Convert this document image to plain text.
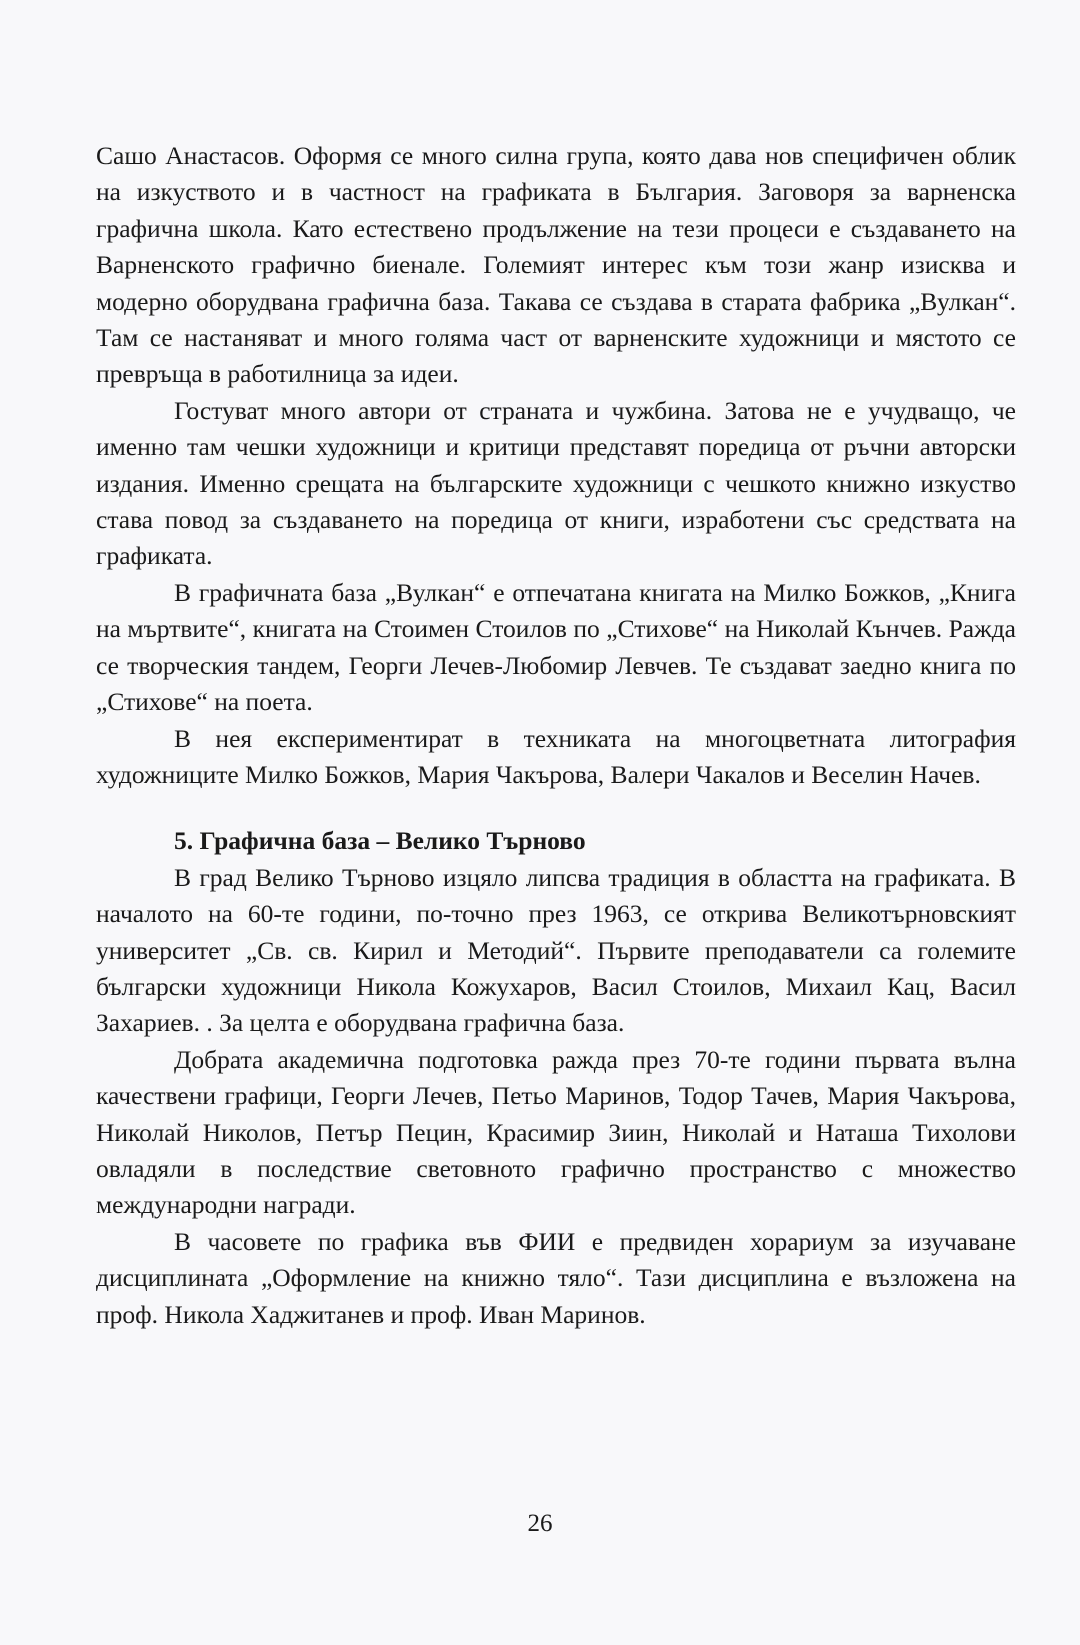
Сашо Анастасов. Оформя се много силна група, която дава нов специфичен облик на изкуството и в частност на графиката в България. Заговоря за варненска графична школа. Като естествено продължение на тези процеси е създаването на Варненското графично биенале. Големият интерес към този жанр изисква и модерно оборудвана графична база. Такава се създава в старата фабрика „Вулкан“. Там се настаняват и много голяма част от варненските художници и мястото се превръща в работилница за идеи.

Гостуват много автори от страната и чужбина. Затова не е учудващо, че именно там чешки художници и критици представят поредица от ръчни авторски издания. Именно срещата на българските художници с чешкото книжно изкуство става повод за създаването на поредица от книги, изработени със средствата на графиката.

В графичната база „Вулкан“ е отпечатана книгата на Милко Божков, „Книга на мъртвите“, книгата на Стоимен Стоилов по „Стихове“ на Николай Кънчев. Ражда се творческия тандем, Георги Лечев-Любомир Левчев. Те създават заедно книга по „Стихове“ на поета.

В нея експериментират в техниката на многоцветната литография художниците Милко Божков, Мария Чакърова, Валери Чакалов и Веселин Начев.

5. Графична база – Велико Търново

В град Велико Търново изцяло липсва традиция в областта на графиката. В началото на 60-те години, по-точно през 1963, се открива Великотърновският университет „Св. св. Кирил и Методий“. Първите преподаватели са големите български художници Никола Кожухаров, Васил Стоилов, Михаил Кац, Васил Захариев. . За целта е оборудвана графична база.

Добрата академична подготовка ражда през 70-те години първата вълна качествени графици, Георги Лечев, Петьо Маринов, Тодор Тачев, Мария Чакърова, Николай Николов, Петър Пецин, Красимир Зиин, Николай и Наташа Тихолови овладяли в последствие световното графично пространство с множество международни награди.

В часовете по графика във ФИИ е предвиден хорариум за изучаване дисциплината „Оформление на книжно тяло“. Тази дисциплина е възложена на проф. Никола Хаджитанев и проф. Иван Маринов.

26
